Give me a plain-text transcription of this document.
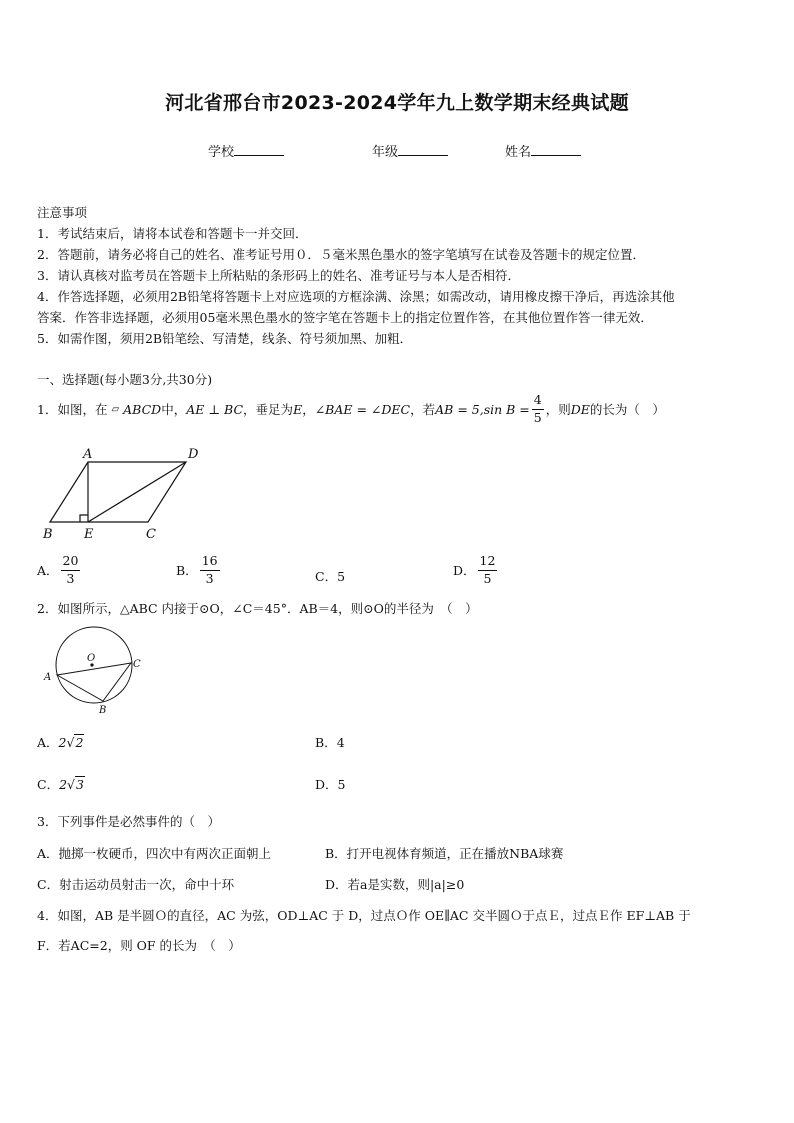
河北省邢台市2023-2024学年九上数学期末经典试题
学校	年级	姓名
注意事项
1．考试结束后，请将本试卷和答题卡一并交回．
2．答题前，请务必将自己的姓名、准考证号用０．５毫米黑色墨水的签字笔填写在试卷及答题卡的规定位置．
3．请认真核对监考员在答题卡上所粘贴的条形码上的姓名、准考证号与本人是否相符．
4．作答选择题，必须用2B铅笔将答题卡上对应选项的方框涂满、涂黑；如需改动，请用橡皮擦干净后，再选涂其他
答案．作答非选择题，必须用05毫米黑色墨水的签字笔在答题卡上的指定位置作答，在其他位置作答一律无效．
5．如需作图，须用2B铅笔绘、写清楚，线条、符号须加黑、加粗．
一、选择题(每小题3分,共30分)
1．如图，在 ▱ ABCD 中， AE ⊥ BC ，垂足为 E ， ∠BAE = ∠DEC ，若 AB = 5,sin $B = \frac{4}{5}$ ，则 DE 的长为（　）
A	D
B E	C
A． $\frac{20}{3}$	B． $\frac{16}{3}$	C．5	D． $\frac{12}{5}$
2．如图所示，△ABC 内接于⊙O，∠C＝45°．AB＝4，则⊙O的半径为　（　）
O
A
B
C
A．2√2	B．4
C．2√3	D．5
3．下列事件是必然事件的（　）
A．抛掷一枚硬币，四次中有两次正面朝上	B．打开电视体育频道，正在播放NBA球赛
C．射击运动员射击一次，命中十环	D．若a是实数，则|a|≥0
4．如图，AB 是半圆Ｏ的直径，AC 为弦，OD⊥AC 于 D，过点Ｏ作 OE∥AC 交半圆Ｏ于点Ｅ，过点Ｅ作 EF⊥AB 于
F．若AC=2，则 OF 的长为　（　）
